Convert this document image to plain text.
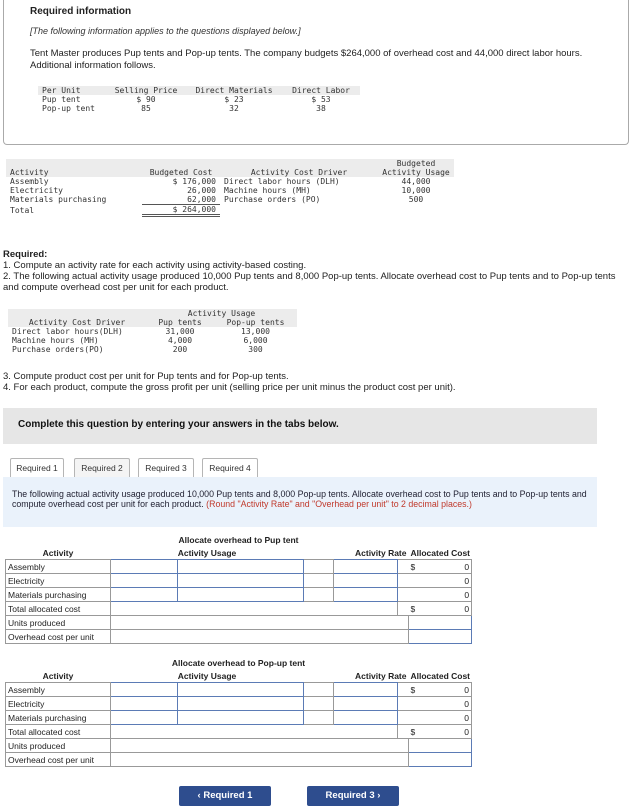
Required information
[The following information applies to the questions displayed below.]
Tent Master produces Pup tents and Pop-up tents. The company budgets $264,000 of overhead cost and 44,000 direct labor hours. Additional information follows.
Per Unit	Selling Price	Direct Materials	Direct Labor
Pup tent	$ 90	$ 23	$ 53
Pop-up tent	85	32	38
			Budgeted
Activity	Budgeted Cost	Activity Cost Driver	Activity Usage
Assembly	$ 176,000	Direct labor hours (DLH)	44,000
Electricity	26,000	Machine hours (MH)	10,000
Materials purchasing	62,000	Purchase orders (PO)	500
Total	$ 264,000		
Required:
1. Compute an activity rate for each activity using activity-based costing.
2. The following actual activity usage produced 10,000 Pup tents and 8,000 Pop-up tents. Allocate overhead cost to Pup tents and to Pop-up tents and compute overhead cost per unit for each product.
	Activity Usage	
Activity Cost Driver	Pup tents	Pop-up tents
Direct labor hours(DLH)	31,000	13,000
Machine hours (MH)	4,000	6,000
Purchase orders(PO)	200	300
3. Compute product cost per unit for Pup tents and for Pop-up tents.
4. For each product, compute the gross profit per unit (selling price per unit minus the product cost per unit).
Complete this question by entering your answers in the tabs below.
Required 1	Required 2	Required 3	Required 4

The following actual activity usage produced 10,000 Pup tents and 8,000 Pop-up tents. Allocate overhead cost to Pup tents and to Pop-up tents and compute overhead cost per unit for each product. (Round "Activity Rate" and "Overhead per unit" to 2 decimal places.)

Allocate overhead to Pup tent						
Activity	Activity Usage		Activity Rate			Allocated Cost
Assembly						$ 0
Electricity						0
Materials purchasing						0
Total allocated cost						$ 0
Units produced						
Overhead cost per unit						
Allocate overhead to Pop-up tent						
Activity	Activity Usage		Activity Rate			Allocated Cost
Assembly						$ 0
Electricity						0
Materials purchasing						0
Total allocated cost						$ 0
Units produced						
Overhead cost per unit						
‹ Required 1	Required 3 ›
